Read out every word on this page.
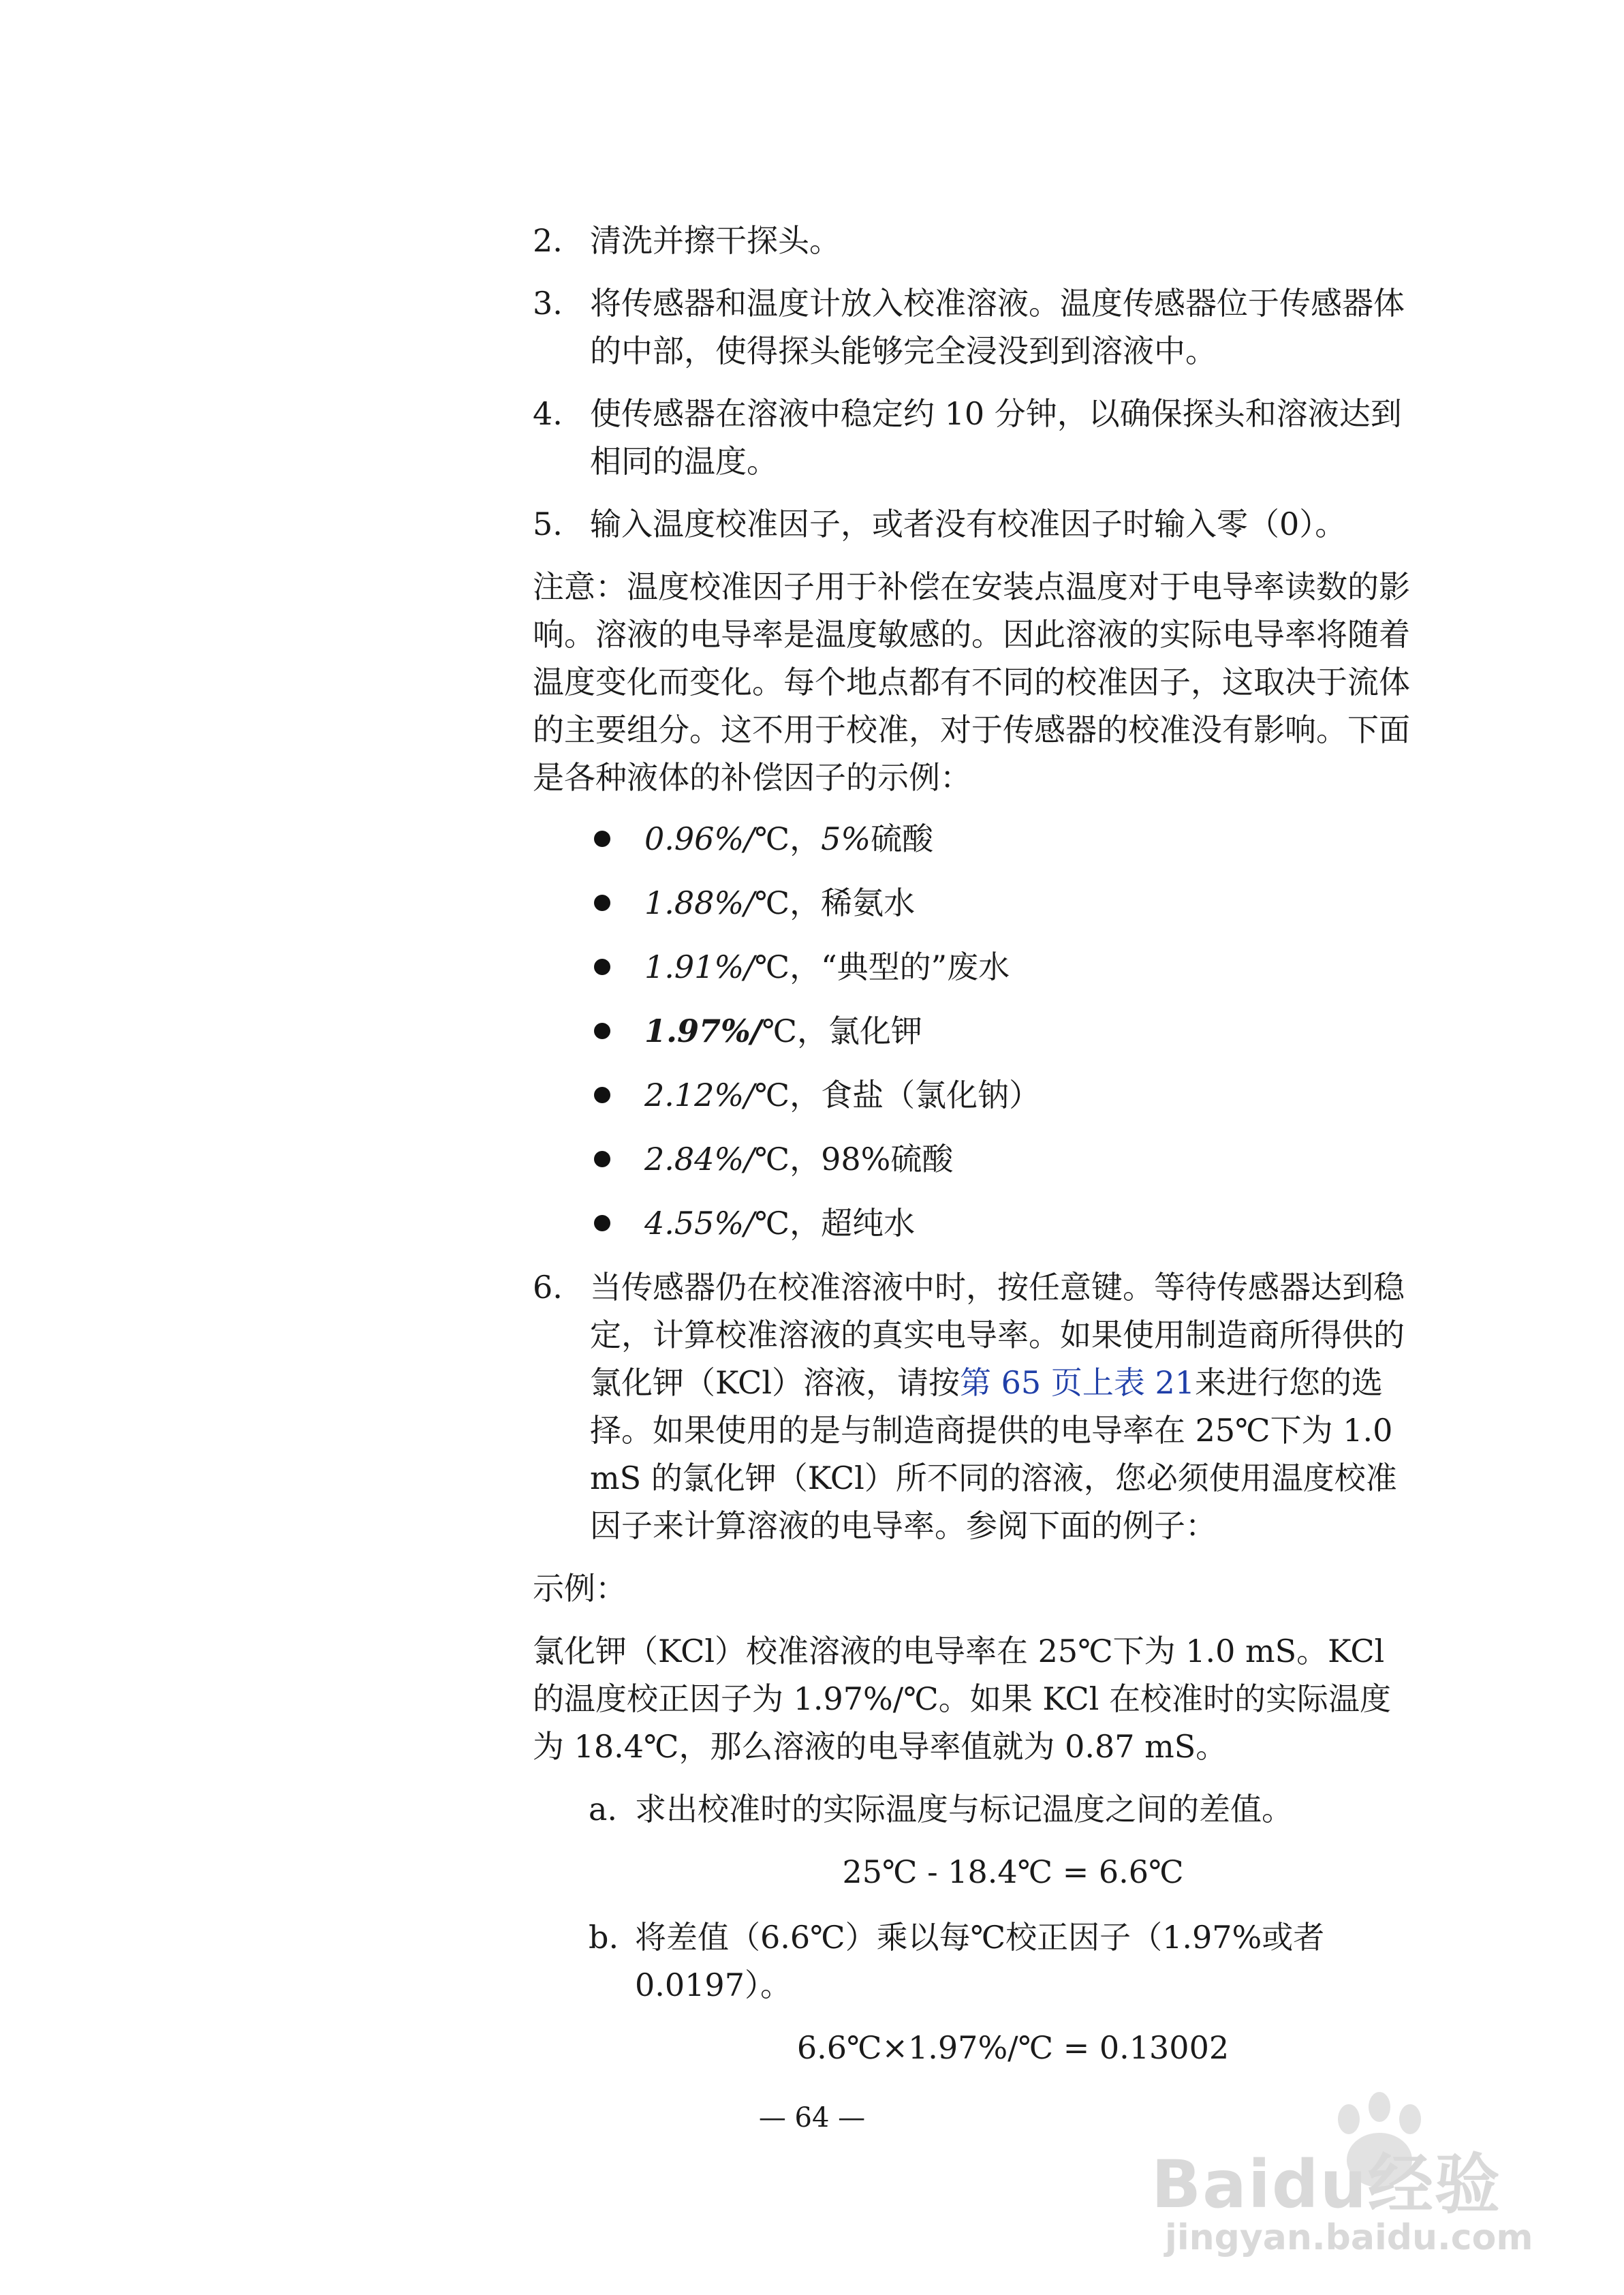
2. 清洗并擦干探头。
3. 将传感器和温度计放入校准溶液。温度传感器位于传感器体的中部，使得探头能够完全浸没到到溶液中。
4. 使传感器在溶液中稳定约 10 分钟，以确保探头和溶液达到相同的温度。
5. 输入温度校准因子，或者没有校准因子时输入零（0）。
注意：温度校准因子用于补偿在安装点温度对于电导率读数的影响。溶液的电导率是温度敏感的。因此溶液的实际电导率将随着温度变化而变化。每个地点都有不同的校准因子，这取决于流体的主要组分。这不用于校准，对于传感器的校准没有影响。下面是各种液体的补偿因子的示例：
0.96%/℃，5%硫酸
1.88%/℃，稀氨水
1.91%/℃，“典型的”废水
1.97%/℃，氯化钾
2.12%/℃，食盐（氯化钠）
2.84%/℃，98%硫酸
4.55%/℃，超纯水
6. 当传感器仍在校准溶液中时，按任意键。等待传感器达到稳定，计算校准溶液的真实电导率。如果使用制造商所得供的氯化钾（KCl）溶液，请按第 65 页上表 21来进行您的选择。如果使用的是与制造商提供的电导率在 25℃下为 1.0 mS 的氯化钾（KCl）所不同的溶液，您必须使用温度校准因子来计算溶液的电导率。参阅下面的例子：
示例：
氯化钾（KCl）校准溶液的电导率在 25℃下为 1.0 mS。KCl 的温度校正因子为 1.97%/℃。如果 KCl 在校准时的实际温度为 18.4℃，那么溶液的电导率值就为 0.87 mS。
a. 求出校准时的实际温度与标记温度之间的差值。
25℃ - 18.4℃ = 6.6℃
b. 将差值（6.6℃）乘以每℃校正因子（1.97%或者0.0197）。
6.6℃×1.97%/℃ = 0.13002
— 64 —
Baidu经验
jingyan.baidu.com
